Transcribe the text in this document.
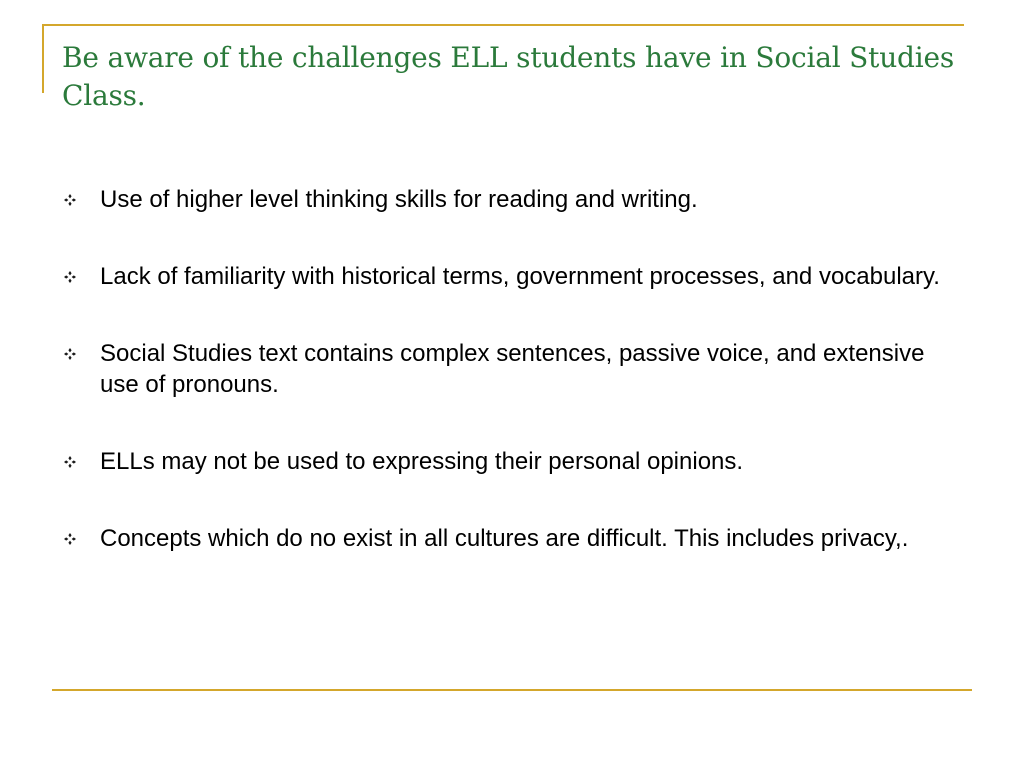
Be aware of the challenges ELL students have in Social Studies Class.
Use of higher level thinking skills for reading and writing.
Lack of familiarity with historical terms, government processes, and vocabulary.
Social Studies text contains complex sentences, passive voice, and extensive use of pronouns.
ELLs may not be used to expressing their personal opinions.
Concepts which do no exist in all cultures are difficult. This includes privacy,.
